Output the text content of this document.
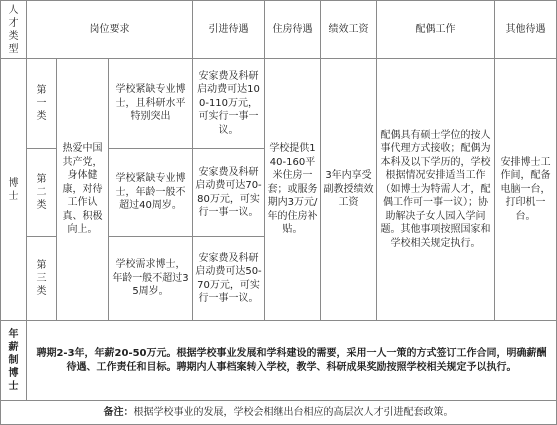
人
才
类
型	岗位要求			引进待遇	住房待遇	绩效工资	配偶工作	其他待遇
博
士	第
一
类	热爱中国共产党，身体健康，对待工作认真、积极向上。	学校紧缺专业博士，且科研水平特别突出	安家费及科研启动费可达100-110万元，可实行一事一议。	学校提供140-160平米住房一套；或服务期内3万元/年的住房补贴。	3年内享受副教授绩效工资	配偶具有硕士学位的按人事代理方式接收；配偶为本科及以下学历的，学校根据情况安排适当工作（如博士为特需人才，配偶工作可一事一议）；协助解决子女人园入学问题。其他事项按照国家和学校相关规定执行。	安排博士工作间，配备电脑一台，打印机一台。
	第
二
类		学校紧缺专业博士，年龄一般不超过40周岁。	安家费及科研启动费可达70-80万元，可实行一事一议。				
	第
三
类		学校需求博士，年龄一般不超过35周岁。	安家费及科研启动费可达50-70万元，可实行一事一议。				
年
薪
制
博
士	聘期2-3年，年薪20-50万元。根据学校事业发展和学科建设的需要，采用一人一策的方式签订工作合同，明确薪酬待遇、工作责任和目标。聘期内人事档案转入学校，教学、科研成果奖励按照学校相关规定予以执行。							
备注：根据学校事业的发展，学校会相继出台相应的高层次人才引进配套政策。								
